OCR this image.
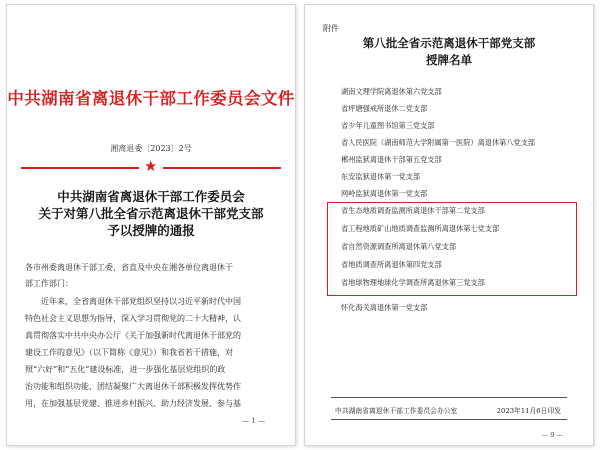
中共湖南省离退休干部工作委员会文件
湘离退委〔2023〕2号
★
中共湖南省离退休干部工作委员会
关于对第八批全省示范离退休干部党支部
予以授牌的通报
各市州委离退休干部工委，省直及中央在湘各单位离退休干
部工作部门：
近年来，全省离退休干部党组织坚持以习近平新时代中国
特色社会主义思想为指导，深入学习贯彻党的二十大精神，认
真贯彻落实中共中央办公厅《关于加强新时代离退休干部党的
建设工作的意见》（以下简称《意见》）和我省若干措施，对
照“六好”和“五化”建设标准，进一步强化基层党组织的政
治功能和组织功能，团结凝聚广大离退休干部积极发挥优势作
用，在加强基层党建、推进乡村振兴、助力经济发展、参与基
— 1 —
附件
第八批全省示范离退休干部党支部
授牌名单
湖南文理学院离退休第六党支部
省坪塘强戒所退休二党支部
省少年儿童图书馆第三党支部
省人民医院（湖南师范大学附属第一医院）离退休第八党支部
郴州监狱离退休干部第五党支部
东安监狱退休第一党支部
网岭监狱离退休第一党支部
省生态地质调查监测所离退休干部第二党支部
省工程地质矿山地质调查监测所离退休第七党支部
省自然资源调查所离退休第八党支部
省地质调查所离退休第四党支部
省地球物理地球化学调查所离退休第三党支部
怀化海关离退休第一党支部
中共湖南省离退休干部工作委员会办公室	2023年11月6日印发
— 9 —
